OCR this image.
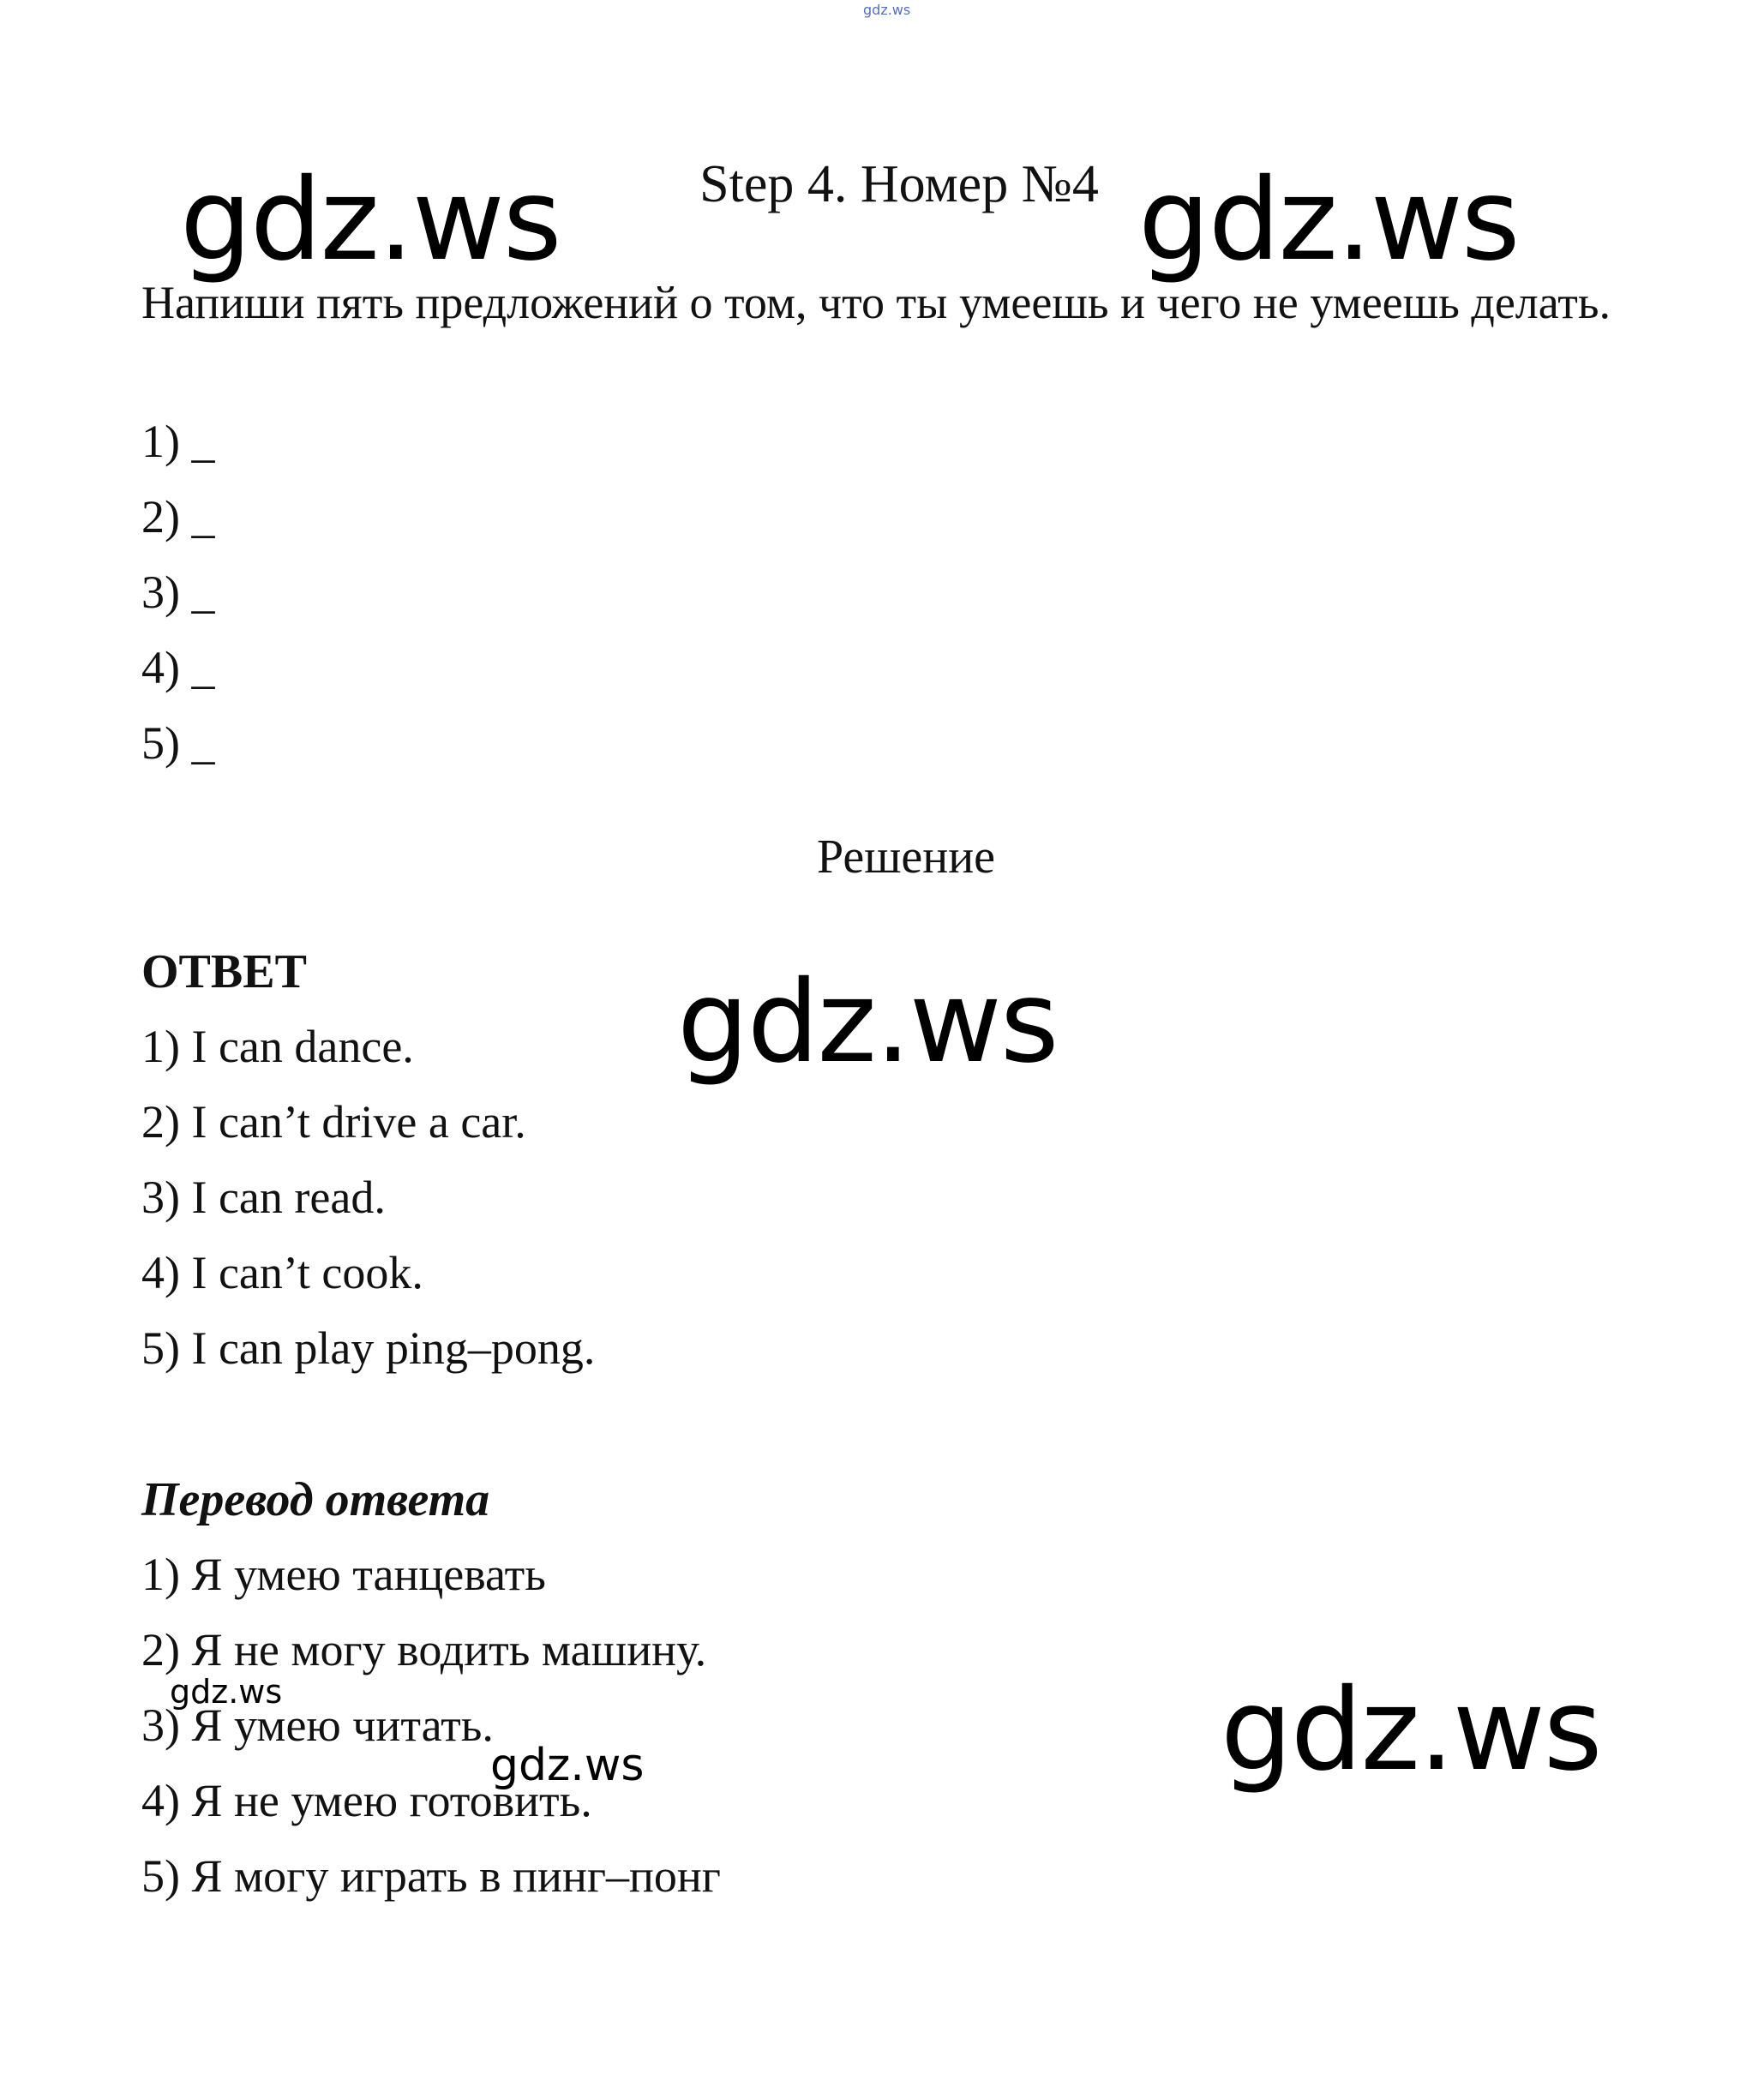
gdz.ws
Step 4. Номер №4
gdz.ws	gdz.ws
Напиши пять предложений о том, что ты умеешь и чего не умеешь делать.
1) _
2) _
3) _
4) _
5) _
Решение
ОТВЕТ	gdz.ws
1) I can dance.
2) I can’t drive a car.
3) I can read.
4) I can’t cook.
5) I can play ping–pong.
Перевод ответа
1) Я умею танцевать
2) Я не могу водить машину.
3) Я умею читать.
4) Я не умею готовить.
5) Я могу играть в пинг–понг
gdz.ws
gdz.ws	gdz.ws
